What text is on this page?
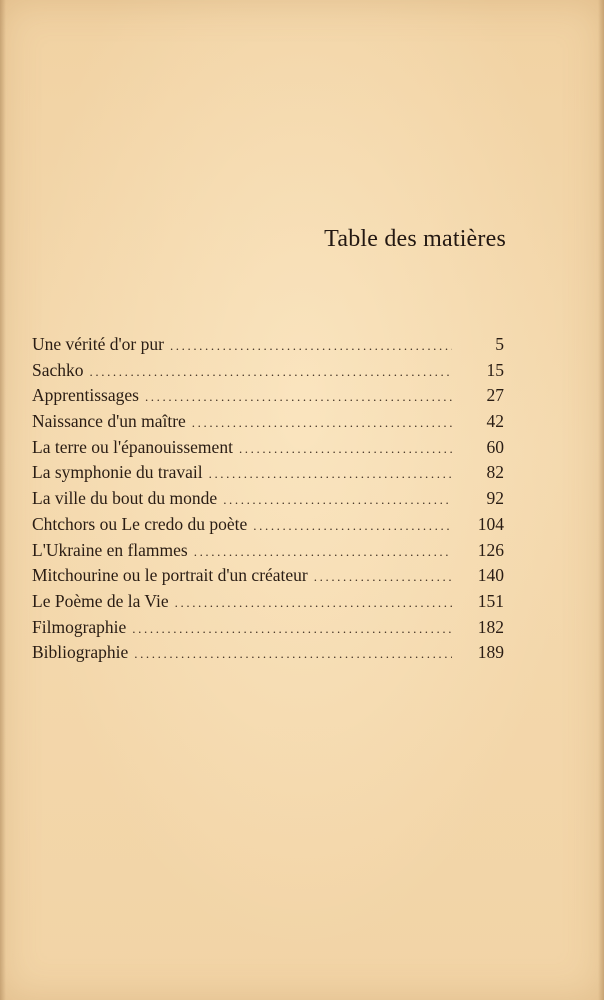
Table des matières
Une vérité d'or pur .....	5
Sachko .....	15
Apprentissages .....	27
Naissance d'un maître .....	42
La terre ou l'épanouissement .....	60
La symphonie du travail .....	82
La ville du bout du monde .....	92
Chtchors ou Le credo du poète .....	104
L'Ukraine en flammes .....	126
Mitchourine ou le portrait d'un créateur .....	140
Le Poème de la Vie .....	151
Filmographie .....	182
Bibliographie .....	189
